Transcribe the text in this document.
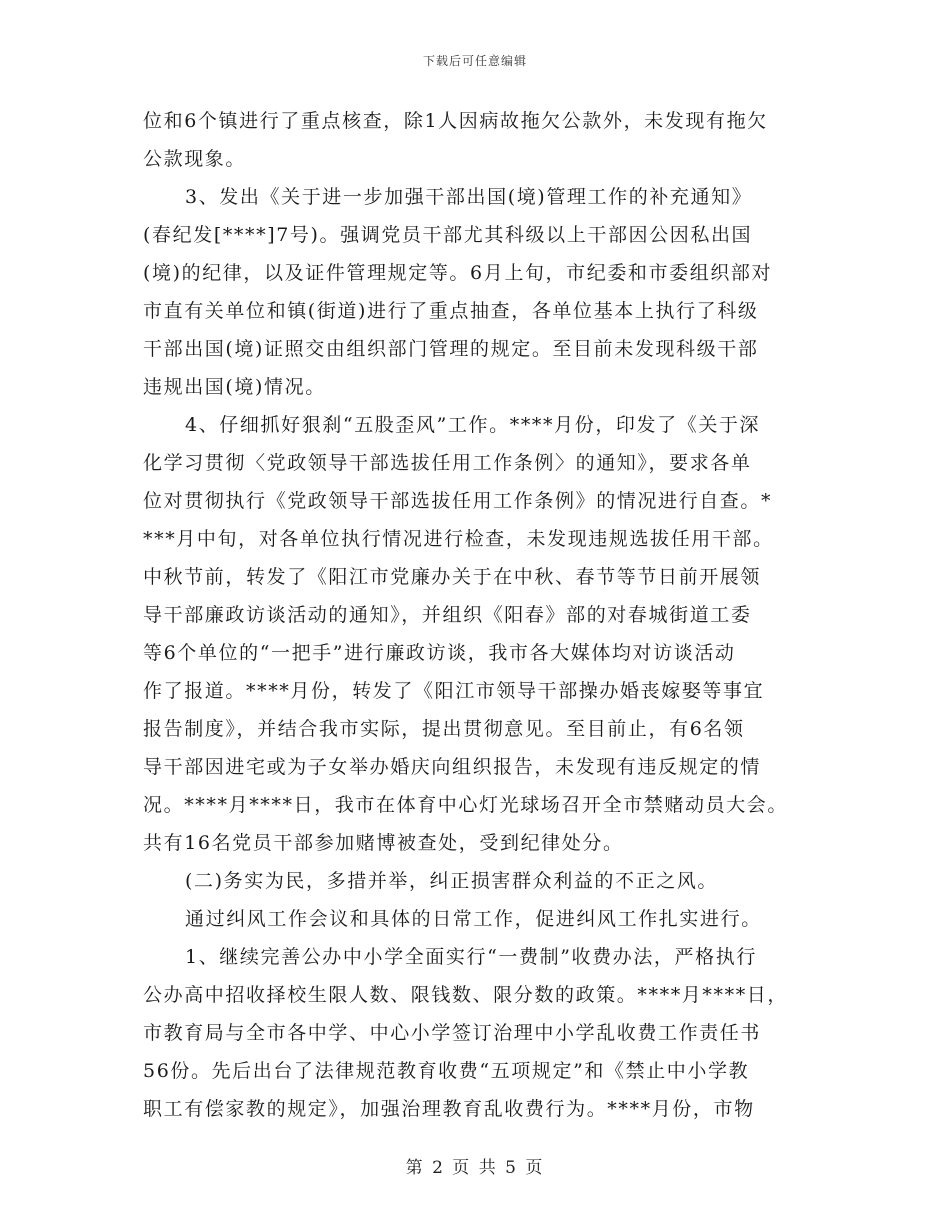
下载后可任意编辑
位和6个镇进行了重点核查，除1人因病故拖欠公款外，未发现有拖欠
公款现象。
3、发出《关于进一步加强干部出国(境)管理工作的补充通知》
(春纪发[****]7号)。强调党员干部尤其科级以上干部因公因私出国
(境)的纪律，以及证件管理规定等。6月上旬，市纪委和市委组织部对
市直有关单位和镇(街道)进行了重点抽查，各单位基本上执行了科级
干部出国(境)证照交由组织部门管理的规定。至目前未发现科级干部
违规出国(境)情况。
4、仔细抓好狠刹“五股歪风”工作。****月份，印发了《关于深
化学习贯彻〈党政领导干部选拔任用工作条例〉的通知》，要求各单
位对贯彻执行《党政领导干部选拔任用工作条例》的情况进行自查。*
***月中旬，对各单位执行情况进行检查，未发现违规选拔任用干部。
中秋节前，转发了《阳江市党廉办关于在中秋、春节等节日前开展领
导干部廉政访谈活动的通知》，并组织《阳春》部的对春城街道工委
等6个单位的“一把手”进行廉政访谈，我市各大媒体均对访谈活动
作了报道。****月份，转发了《阳江市领导干部操办婚丧嫁娶等事宜
报告制度》，并结合我市实际，提出贯彻意见。至目前止，有6名领
导干部因进宅或为子女举办婚庆向组织报告，未发现有违反规定的情
况。****月****日，我市在体育中心灯光球场召开全市禁赌动员大会。
共有16名党员干部参加赌博被查处，受到纪律处分。
(二)务实为民，多措并举，纠正损害群众利益的不正之风。
通过纠风工作会议和具体的日常工作，促进纠风工作扎实进行。
1、继续完善公办中小学全面实行“一费制”收费办法，严格执行
公办高中招收择校生限人数、限钱数、限分数的政策。****月****日，
市教育局与全市各中学、中心小学签订治理中小学乱收费工作责任书
56份。先后出台了法律规范教育收费“五项规定”和《禁止中小学教
职工有偿家教的规定》，加强治理教育乱收费行为。****月份，市物
第 2 页 共 5 页
